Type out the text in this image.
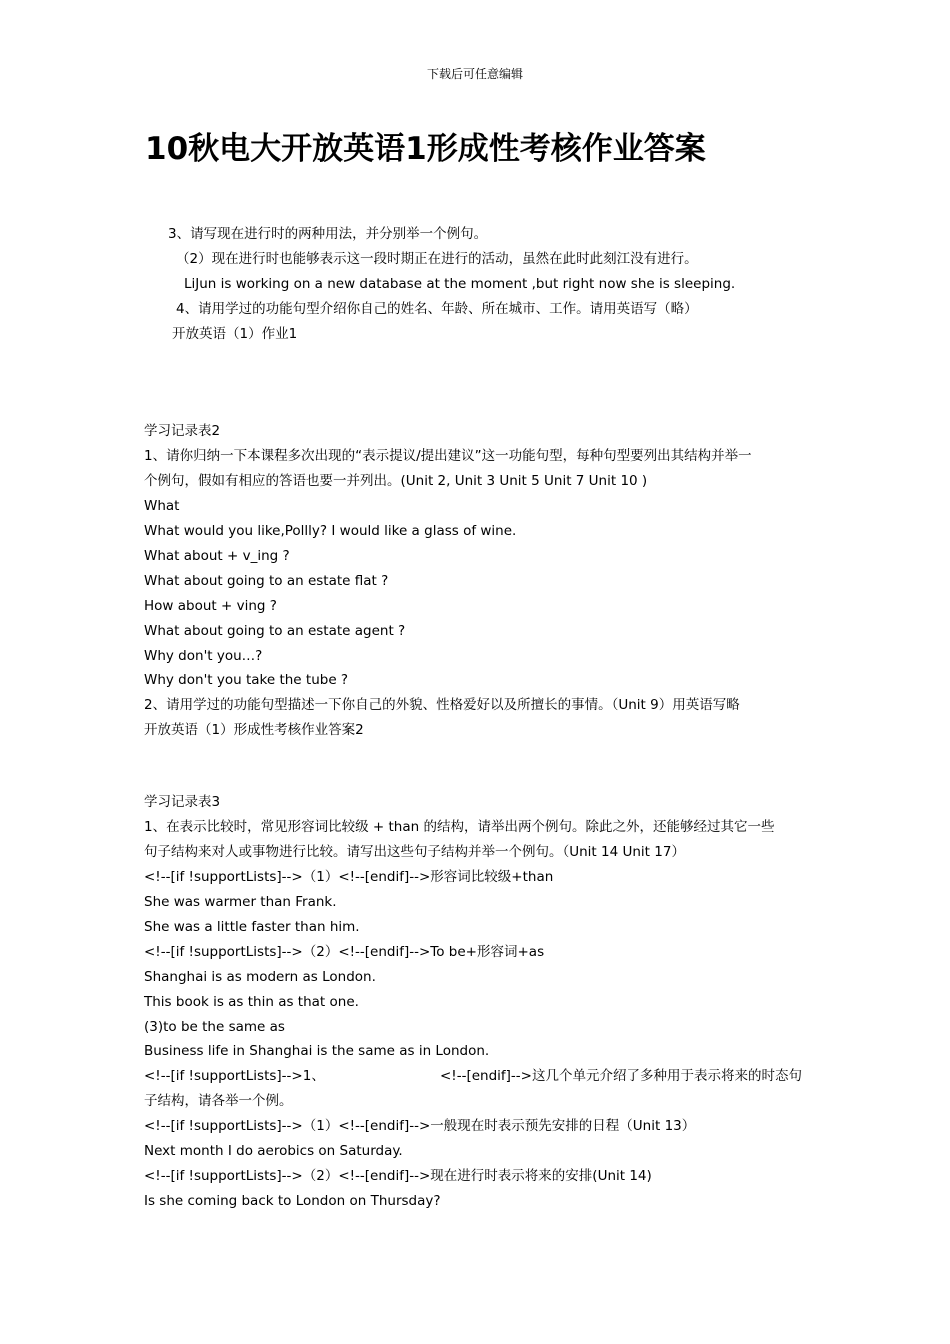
下载后可任意编辑
10秋电大开放英语1形成性考核作业答案
3、请写现在进行时的两种用法，并分别举一个例句。
（2）现在进行时也能够表示这一段时期正在进行的活动，虽然在此时此刻江没有进行。
LiJun is working on a new database at the moment ,but right now she is sleeping.
4、请用学过的功能句型介绍你自己的姓名、年龄、所在城市、工作。请用英语写（略）
开放英语（1）作业1
学习记录表2
1、请你归纳一下本课程多次出现的“表示提议/提出建议”这一功能句型，每种句型要列出其结构并举一
个例句，假如有相应的答语也要一并列出。(Unit 2, Unit 3 Unit 5 Unit 7 Unit 10 )
What
What would you like,Pollly? I would like a glass of wine.
What about + v_ing ?
What about going to an estate flat ?
How about + ving ?
What about going to an estate agent ?
Why don't you…?
Why don't you take the tube ?
2、请用学过的功能句型描述一下你自己的外貌、性格爱好以及所擅长的事情。（Unit 9）用英语写略
开放英语（1）形成性考核作业答案2
学习记录表3
1、在表示比较时，常见形容词比较级 + than 的结构，请举出两个例句。除此之外，还能够经过其它一些
句子结构来对人或事物进行比较。请写出这些句子结构并举一个例句。（Unit 14 Unit 17）
<!--[if !supportLists]-->（1）<!--[endif]-->形容词比较级+than
She was warmer than Frank.
She was a little faster than him.
<!--[if !supportLists]-->（2）<!--[endif]-->To be+形容词+as
Shanghai is as modern as London.
This book is as thin as that one.
(3)to be the same as
Business life in Shanghai is the same as in London.
<!--[if !supportLists]-->1、	<!--[endif]-->这几个单元介绍了多种用于表示将来的时态句
子结构，请各举一个例。
<!--[if !supportLists]-->（1）<!--[endif]-->一般现在时表示预先安排的日程（Unit 13）
Next month I do aerobics on Saturday.
<!--[if !supportLists]-->（2）<!--[endif]-->现在进行时表示将来的安排(Unit 14)
Is she coming back to London on Thursday?
